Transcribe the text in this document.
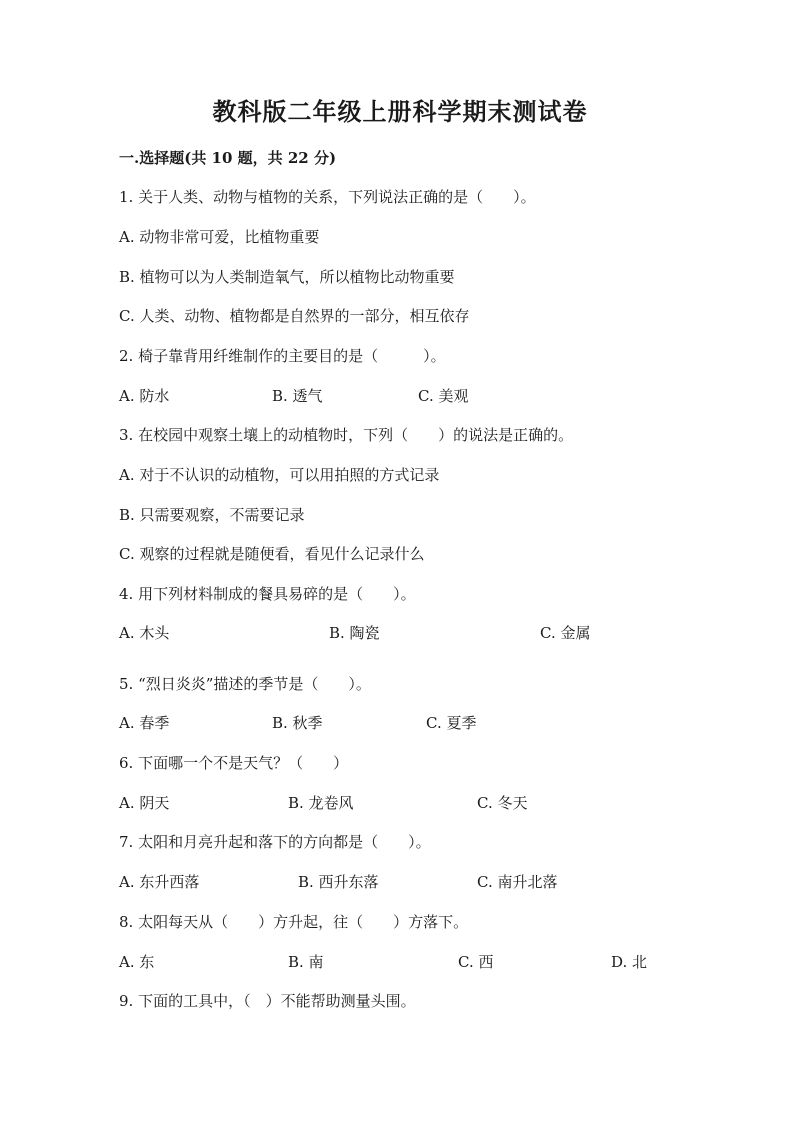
教科版二年级上册科学期末测试卷
一.选择题(共 10 题，共 22 分)
1. 关于人类、动物与植物的关系，下列说法正确的是（　　）。
A. 动物非常可爱，比植物重要
B. 植物可以为人类制造氧气，所以植物比动物重要
C. 人类、动物、植物都是自然界的一部分，相互依存
2. 椅子靠背用纤维制作的主要目的是（　　　）。
A. 防水	B. 透气	C. 美观
3. 在校园中观察土壤上的动植物时，下列（　　）的说法是正确的。
A. 对于不认识的动植物，可以用拍照的方式记录
B. 只需要观察，不需要记录
C. 观察的过程就是随便看，看见什么记录什么
4. 用下列材料制成的餐具易碎的是（　　）。
A. 木头	B. 陶瓷	C. 金属
5. “烈日炎炎”描述的季节是（　　）。
A. 春季	B. 秋季	C. 夏季
6. 下面哪一个不是天气？（　　）
A. 阴天	B. 龙卷风	C. 冬天
7. 太阳和月亮升起和落下的方向都是（　　）。
A. 东升西落	B. 西升东落	C. 南升北落
8. 太阳每天从（　　）方升起，往（　　）方落下。
A. 东	B. 南	C. 西	D. 北
9. 下面的工具中，（　）不能帮助测量头围。
